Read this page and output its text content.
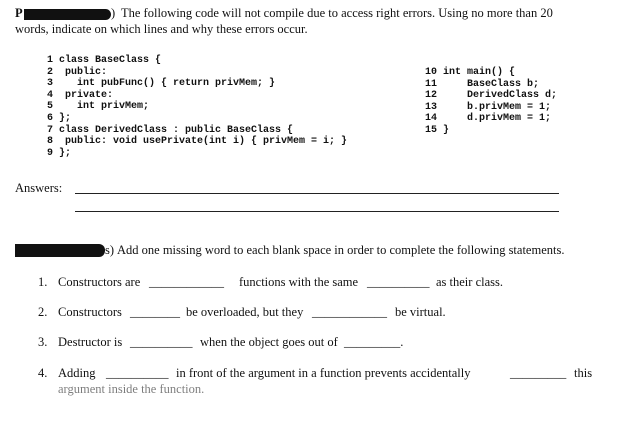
P	) The following code will not compile due to access right errors. Using no more than 20
words, indicate on which lines and why these errors occur.
1 class BaseClass {
2  public:
3    int pubFunc() { return privMem; }
4  private:
5    int privMem;
6 };
7 class DerivedClass : public BaseClass {
8  public: void usePrivate(int i) { privMem = i; }
9 };
10 int main() {
11     BaseClass b;
12     DerivedClass d;
13     b.privMem = 1;
14     d.privMem = 1;
15 }
Answers:
s) Add one missing word to each blank space in order to complete the following statements.
1. Constructors are ____________ functions with the same __________ as their class.
2. Constructors ________ be overloaded, but they ____________ be virtual.
3. Destructor is __________ when the object goes out of _________.
4. Adding __________ in front of the argument in a function prevents accidentally	_________ this
argument inside the function.
